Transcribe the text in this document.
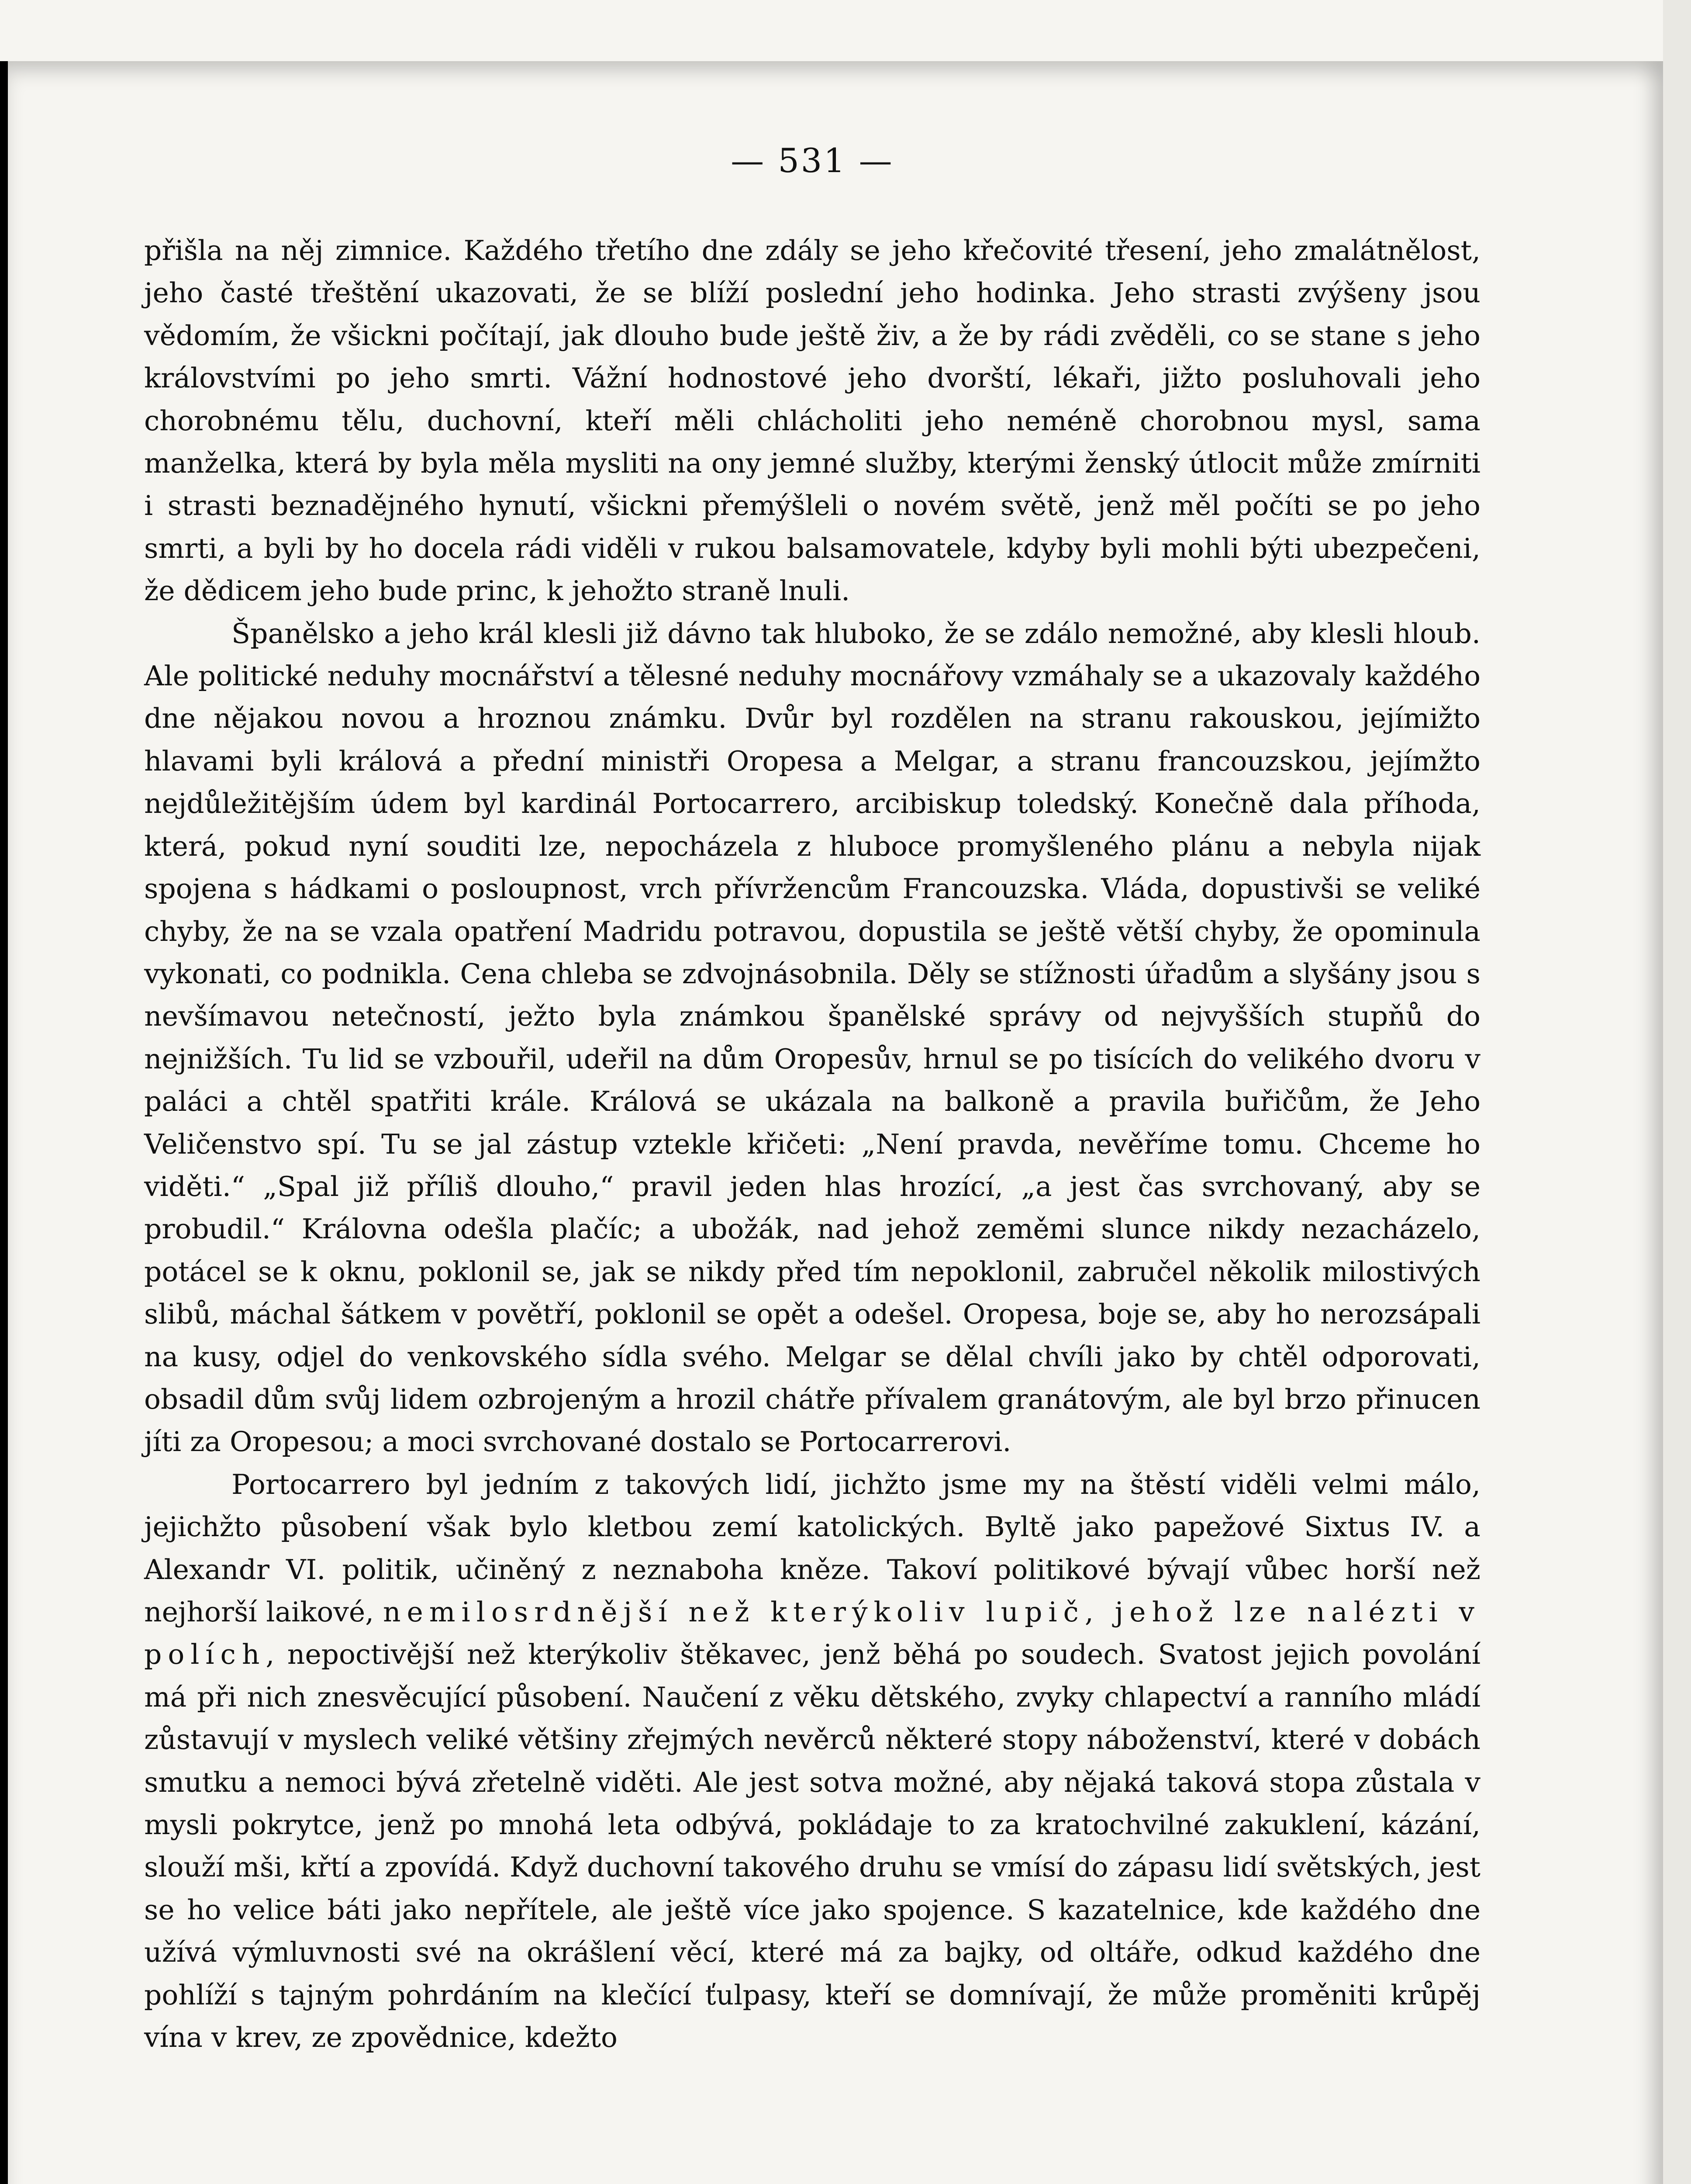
— 531 —

přišla na něj zimnice. Každého třetího dne zdály se jeho křečovité třesení, jeho zmalátnělost, jeho časté třeštění ukazovati, že se blíží poslední jeho hodinka. Jeho strasti zvýšeny jsou vědomím, že všickni počítají, jak dlouho bude ještě živ, a že by rádi zvěděli, co se stane s jeho královstvími po jeho smrti. Vážní hodnostové jeho dvorští, lékaři, jižto posluhovali jeho chorobnému tělu, duchovní, kteří měli chlácholiti jeho neméně chorobnou mysl, sama manželka, která by byla měla mysliti na ony jemné služby, kterými ženský útlocit může zmírniti i strasti beznadějného hynutí, všickni přemýšleli o novém světě, jenž měl počíti se po jeho smrti, a byli by ho docela rádi viděli v rukou balsamovatele, kdyby byli mohli býti ubezpečeni, že dědicem jeho bude princ, k jehožto straně lnuli.

Španělsko a jeho král klesli již dávno tak hluboko, že se zdálo nemožné, aby klesli hloub. Ale politické neduhy mocnářství a tělesné neduhy mocnářovy vzmáhaly se a ukazovaly každého dne nějakou novou a hroznou známku. Dvůr byl rozdělen na stranu rakouskou, jejímižto hlavami byli králová a přední ministři Oropesa a Melgar, a stranu francouzskou, jejímžto nejdůležitějším údem byl kardinál Portocarrero, arcibiskup toledský. Konečně dala příhoda, která, pokud nyní souditi lze, nepocházela z hluboce promyšleného plánu a nebyla nijak spojena s hádkami o posloupnost, vrch přívržencům Francouzska. Vláda, dopustivši se veliké chyby, že na se vzala opatření Madridu potravou, dopustila se ještě větší chyby, že opominula vykonati, co podnikla. Cena chleba se zdvojnásobnila. Děly se stížnosti úřadům a slyšány jsou s nevšímavou netečností, ježto byla známkou španělské správy od nejvyšších stupňů do nejnižších. Tu lid se vzbouřil, udeřil na dům Oropesův, hrnul se po tisících do velikého dvoru v paláci a chtěl spatřiti krále. Králová se ukázala na balkoně a pravila buřičům, že Jeho Veličenstvo spí. Tu se jal zástup vztekle křičeti: „Není pravda, nevěříme tomu. Chceme ho viděti.“ „Spal již příliš dlouho,“ pravil jeden hlas hrozící, „a jest čas svrchovaný, aby se probudil.“ Královna odešla plačíc; a ubožák, nad jehož zeměmi slunce nikdy nezacházelo, potácel se k oknu, poklonil se, jak se nikdy před tím nepoklonil, zabručel několik milostivých slibů, máchal šátkem v povětří, poklonil se opět a odešel. Oropesa, boje se, aby ho nerozsápali na kusy, odjel do venkovského sídla svého. Melgar se dělal chvíli jako by chtěl odporovati, obsadil dům svůj lidem ozbrojeným a hrozil chátře přívalem granátovým, ale byl brzo přinucen jíti za Oropesou; a moci svrchované dostalo se Portocarrerovi.

Portocarrero byl jedním z takových lidí, jichžto jsme my na štěstí viděli velmi málo, jejichžto působení však bylo kletbou zemí katolických. Byltě jako papežové Sixtus IV. a Alexandr VI. politik, učiněný z neznaboha kněze. Takoví politikové bývají vůbec horší než nejhorší laikové, nemilosrdnější než kterýkoliv lupič, jehož lze nalézti v polích, nepoctivější než kterýkoliv štěkavec, jenž běhá po soudech. Svatost jejich povolání má při nich znesvěcující působení. Naučení z věku dětského, zvyky chlapectví a ranního mládí zůstavují v myslech veliké většiny zřejmých nevěrců některé stopy náboženství, které v dobách smutku a nemoci bývá zřetelně viděti. Ale jest sotva možné, aby nějaká taková stopa zůstala v mysli pokrytce, jenž po mnohá leta odbývá, pokládaje to za kratochvilné zakuklení, kázání, slouží mši, křtí a zpovídá. Když duchovní takového druhu se vmísí do zápasu lidí světských, jest se ho velice báti jako nepřítele, ale ještě více jako spojence. S kazatelnice, kde každého dne užívá výmluvnosti své na okrášlení věcí, které má za bajky, od oltáře, odkud každého dne pohlíží s tajným pohrdáním na klečící ťulpasy, kteří se domnívají, že může proměniti krůpěj vína v krev, ze zpovědnice, kdežto
